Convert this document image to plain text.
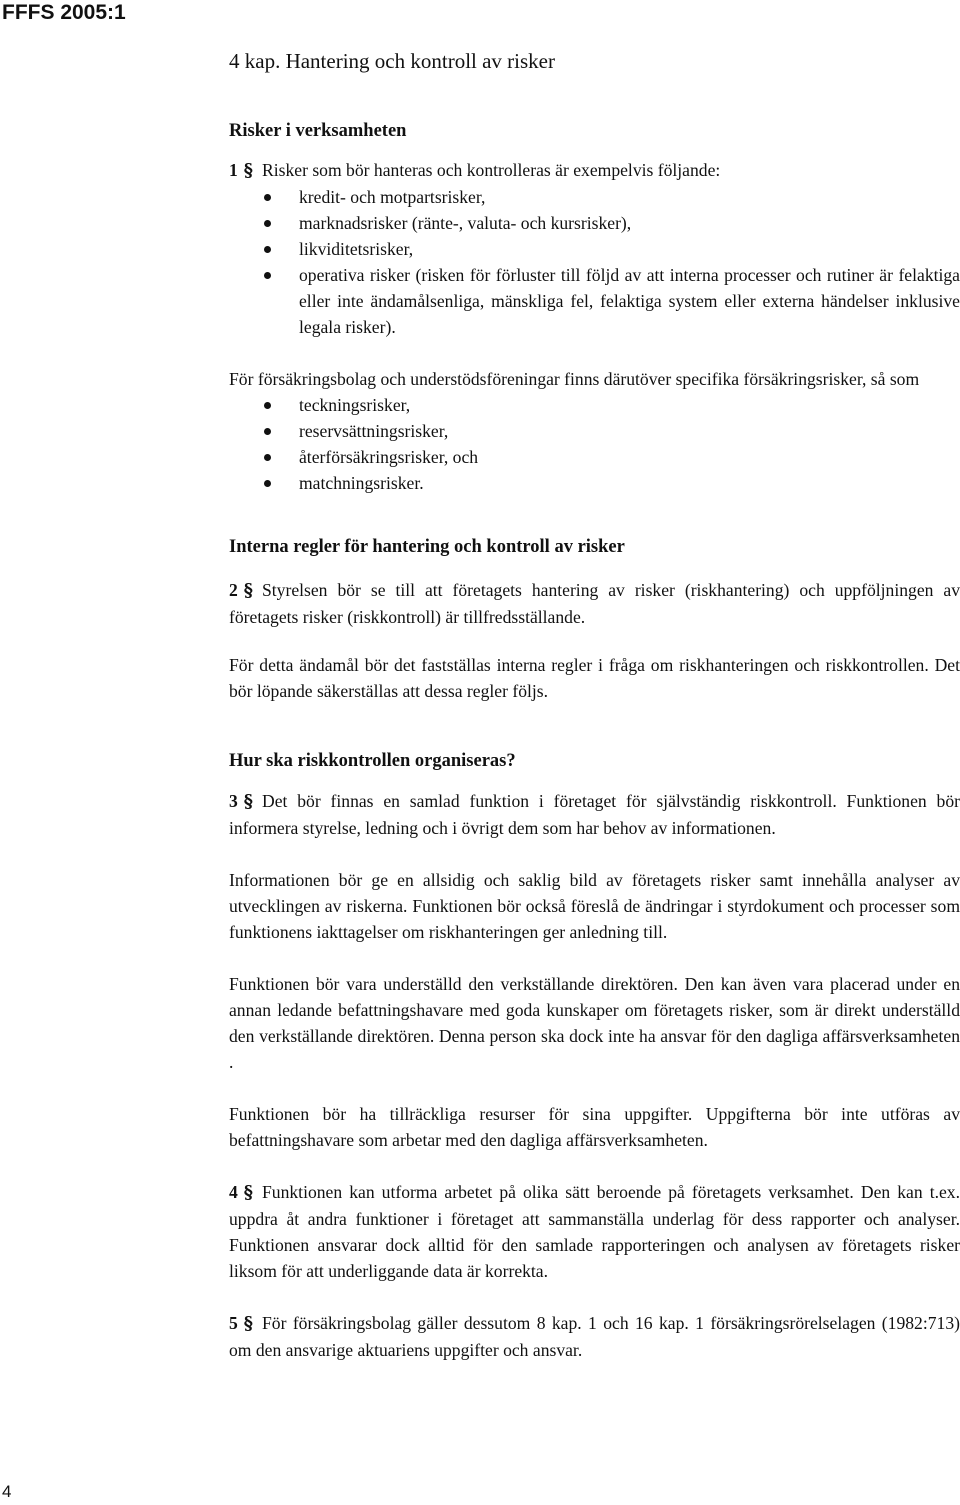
FFFS 2005:1
4 kap. Hantering och kontroll av risker
Risker i verksamheten

1 § Risker som bör hanteras och kontrolleras är exempelvis följande:

kredit- och motpartsrisker,
marknadsrisker (ränte-, valuta- och kursrisker),
likviditetsrisker,
operativa risker (risken för förluster till följd av att interna processer och rutiner är felaktiga eller inte ändamålsenliga, mänskliga fel, felaktiga system eller externa händelser inklusive legala risker).

För försäkringsbolag och understödsföreningar finns därutöver specifika försäkringsrisker, så som

teckningsrisker,
reservsättningsrisker,
återförsäkringsrisker, och
matchningsrisker.
Interna regler för hantering och kontroll av risker

2 § Styrelsen bör se till att företagets hantering av risker (riskhantering) och uppföljningen av företagets risker (riskkontroll) är tillfredsställande.

För detta ändamål bör det fastställas interna regler i fråga om riskhanteringen och riskkontrollen. Det bör löpande säkerställas att dessa regler följs.

Hur ska riskkontrollen organiseras?

3 § Det bör finnas en samlad funktion i företaget för självständig riskkontroll. Funktionen bör informera styrelse, ledning och i övrigt dem som har behov av informationen.

Informationen bör ge en allsidig och saklig bild av företagets risker samt innehålla analyser av utvecklingen av riskerna. Funktionen bör också föreslå de ändringar i styrdokument och processer som funktionens iakttagelser om riskhanteringen ger anledning till.

Funktionen bör vara underställd den verkställande direktören. Den kan även vara placerad under en annan ledande befattningshavare med goda kunskaper om företagets risker, som är direkt underställd den verkställande direktören. Denna person ska dock inte ha ansvar för den dagliga affärsverksamheten .

Funktionen bör ha tillräckliga resurser för sina uppgifter. Uppgifterna bör inte utföras av befattningshavare som arbetar med den dagliga affärsverksamheten.

4 § Funktionen kan utforma arbetet på olika sätt beroende på företagets verksamhet. Den kan t.ex. uppdra åt andra funktioner i företaget att sammanställa underlag för dess rapporter och analyser. Funktionen ansvarar dock alltid för den samlade rapporteringen och analysen av företagets risker liksom för att underliggande data är korrekta.

5 § För försäkringsbolag gäller dessutom 8 kap. 1 och 16 kap. 1 försäkringsrörelselagen (1982:713) om den ansvarige aktuariens uppgifter och ansvar.

4
